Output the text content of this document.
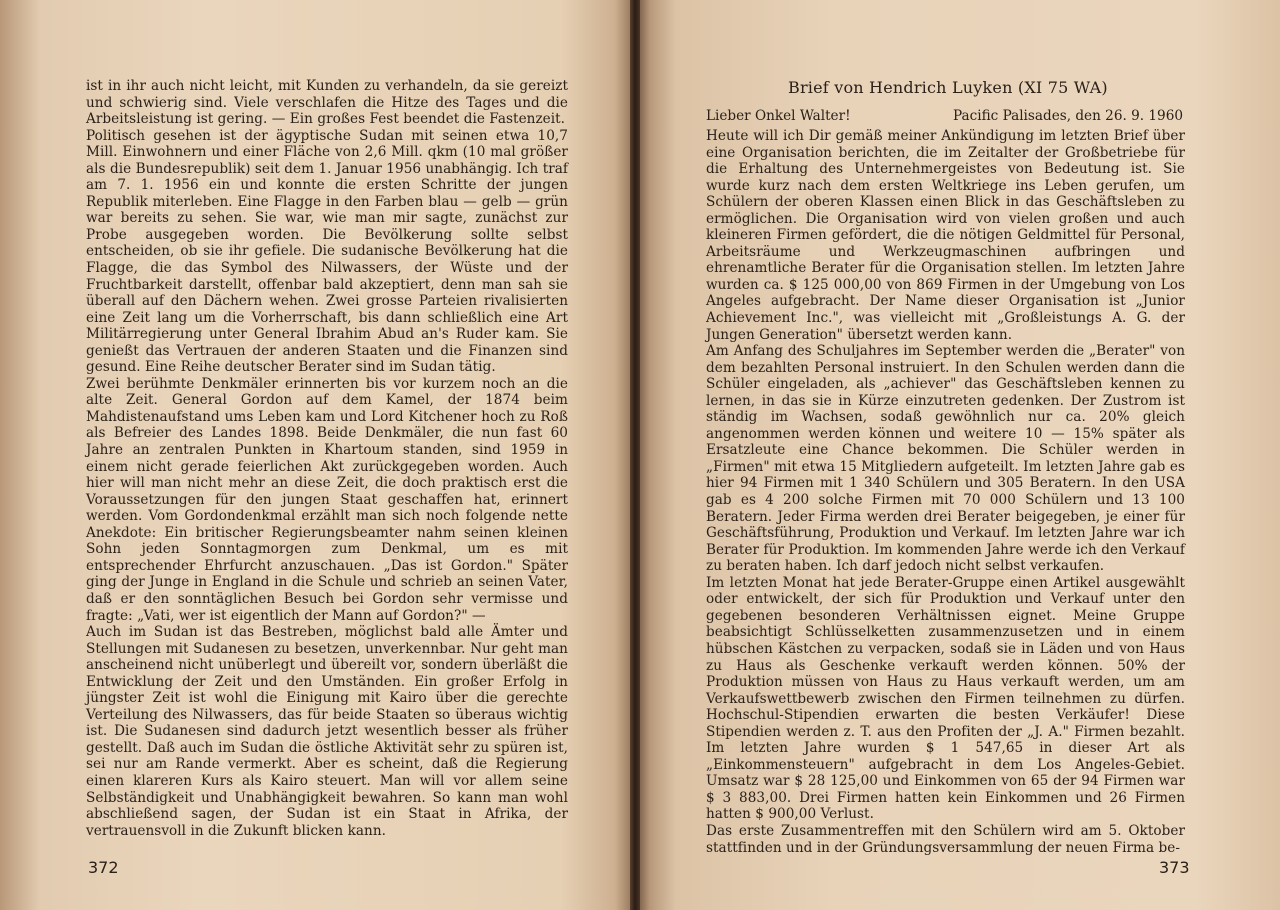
ist in ihr auch nicht leicht, mit Kunden zu verhandeln, da sie gereizt und schwierig sind. Viele verschlafen die Hitze des Tages und die Arbeitsleistung ist gering. — Ein großes Fest beendet die Fastenzeit.

Politisch gesehen ist der ägyptische Sudan mit seinen etwa 10,7 Mill. Einwohnern und einer Fläche von 2,6 Mill. qkm (10 mal größer als die Bundesrepublik) seit dem 1. Januar 1956 unabhängig. Ich traf am 7. 1. 1956 ein und konnte die ersten Schritte der jungen Republik miterleben. Eine Flagge in den Farben blau — gelb — grün war bereits zu sehen. Sie war, wie man mir sagte, zunächst zur Probe ausgegeben worden. Die Bevölkerung sollte selbst entscheiden, ob sie ihr gefiele. Die sudanische Bevölkerung hat die Flagge, die das Symbol des Nilwassers, der Wüste und der Fruchtbarkeit darstellt, offenbar bald akzeptiert, denn man sah sie überall auf den Dächern wehen. Zwei grosse Parteien rivalisierten eine Zeit lang um die Vorherrschaft, bis dann schließlich eine Art Militärregierung unter General Ibrahim Abud an's Ruder kam. Sie genießt das Vertrauen der anderen Staaten und die Finanzen sind gesund. Eine Reihe deutscher Berater sind im Sudan tätig.

Zwei berühmte Denkmäler erinnerten bis vor kurzem noch an die alte Zeit. General Gordon auf dem Kamel, der 1874 beim Mahdistenaufstand ums Leben kam und Lord Kitchener hoch zu Roß als Befreier des Landes 1898. Beide Denkmäler, die nun fast 60 Jahre an zentralen Punkten in Khartoum standen, sind 1959 in einem nicht gerade feierlichen Akt zurückgegeben worden. Auch hier will man nicht mehr an diese Zeit, die doch praktisch erst die Voraussetzungen für den jungen Staat geschaffen hat, erinnert werden. Vom Gordondenkmal erzählt man sich noch folgende nette Anekdote: Ein britischer Regierungsbeamter nahm seinen kleinen Sohn jeden Sonntagmorgen zum Denkmal, um es mit entsprechender Ehrfurcht anzuschauen. „Das ist Gordon." Später ging der Junge in England in die Schule und schrieb an seinen Vater, daß er den sonntäglichen Besuch bei Gordon sehr vermisse und fragte: „Vati, wer ist eigentlich der Mann auf Gordon?" —

Auch im Sudan ist das Bestreben, möglichst bald alle Ämter und Stellungen mit Sudanesen zu besetzen, unverkennbar. Nur geht man anscheinend nicht unüberlegt und übereilt vor, sondern überläßt die Entwicklung der Zeit und den Umständen. Ein großer Erfolg in jüngster Zeit ist wohl die Einigung mit Kairo über die gerechte Verteilung des Nilwassers, das für beide Staaten so überaus wichtig ist. Die Sudanesen sind dadurch jetzt wesentlich besser als früher gestellt. Daß auch im Sudan die östliche Aktivität sehr zu spüren ist, sei nur am Rande vermerkt. Aber es scheint, daß die Regierung einen klareren Kurs als Kairo steuert. Man will vor allem seine Selbständigkeit und Unabhängigkeit bewahren. So kann man wohl abschließend sagen, der Sudan ist ein Staat in Afrika, der vertrauensvoll in die Zukunft blicken kann.

372
Brief von Hendrich Luyken (XI 75 WA)
Lieber Onkel Walter!	Pacific Palisades, den 26. 9. 1960

Heute will ich Dir gemäß meiner Ankündigung im letzten Brief über eine Organisation berichten, die im Zeitalter der Großbetriebe für die Erhaltung des Unternehmergeistes von Bedeutung ist. Sie wurde kurz nach dem ersten Weltkriege ins Leben gerufen, um Schülern der oberen Klassen einen Blick in das Geschäftsleben zu ermöglichen. Die Organisation wird von vielen großen und auch kleineren Firmen gefördert, die die nötigen Geldmittel für Personal, Arbeitsräume und Werkzeugmaschinen aufbringen und ehrenamtliche Berater für die Organisation stellen. Im letzten Jahre wurden ca. $ 125 000,00 von 869 Firmen in der Umgebung von Los Angeles aufgebracht. Der Name dieser Organisation ist „Junior Achievement Inc.", was vielleicht mit „Großleistungs A. G. der Jungen Generation" übersetzt werden kann.

Am Anfang des Schuljahres im September werden die „Berater" von dem bezahlten Personal instruiert. In den Schulen werden dann die Schüler eingeladen, als „achiever" das Geschäftsleben kennen zu lernen, in das sie in Kürze einzutreten gedenken. Der Zustrom ist ständig im Wachsen, sodaß gewöhnlich nur ca. 20% gleich angenommen werden können und weitere 10 — 15% später als Ersatzleute eine Chance bekommen. Die Schüler werden in „Firmen" mit etwa 15 Mitgliedern aufgeteilt. Im letzten Jahre gab es hier 94 Firmen mit 1 340 Schülern und 305 Beratern. In den USA gab es 4 200 solche Firmen mit 70 000 Schülern und 13 100 Beratern. Jeder Firma werden drei Berater beigegeben, je einer für Geschäftsführung, Produktion und Verkauf. Im letzten Jahre war ich Berater für Produktion. Im kommenden Jahre werde ich den Verkauf zu beraten haben. Ich darf jedoch nicht selbst verkaufen.

Im letzten Monat hat jede Berater-Gruppe einen Artikel ausgewählt oder entwickelt, der sich für Produktion und Verkauf unter den gegebenen besonderen Verhältnissen eignet. Meine Gruppe beabsichtigt Schlüsselketten zusammenzusetzen und in einem hübschen Kästchen zu verpacken, sodaß sie in Läden und von Haus zu Haus als Geschenke verkauft werden können. 50% der Produktion müssen von Haus zu Haus verkauft werden, um am Verkaufswettbewerb zwischen den Firmen teilnehmen zu dürfen. Hochschul-Stipendien erwarten die besten Verkäufer! Diese Stipendien werden z. T. aus den Profiten der „J. A." Firmen bezahlt. Im letzten Jahre wurden $ 1 547,65 in dieser Art als „Einkommensteuern" aufgebracht in dem Los Angeles-Gebiet. Umsatz war $ 28 125,00 und Einkommen von 65 der 94 Firmen war $ 3 883,00. Drei Firmen hatten kein Einkommen und 26 Firmen hatten $ 900,00 Verlust.

Das erste Zusammentreffen mit den Schülern wird am 5. Oktober stattfinden und in der Gründungsversammlung der neuen Firma be-

373
